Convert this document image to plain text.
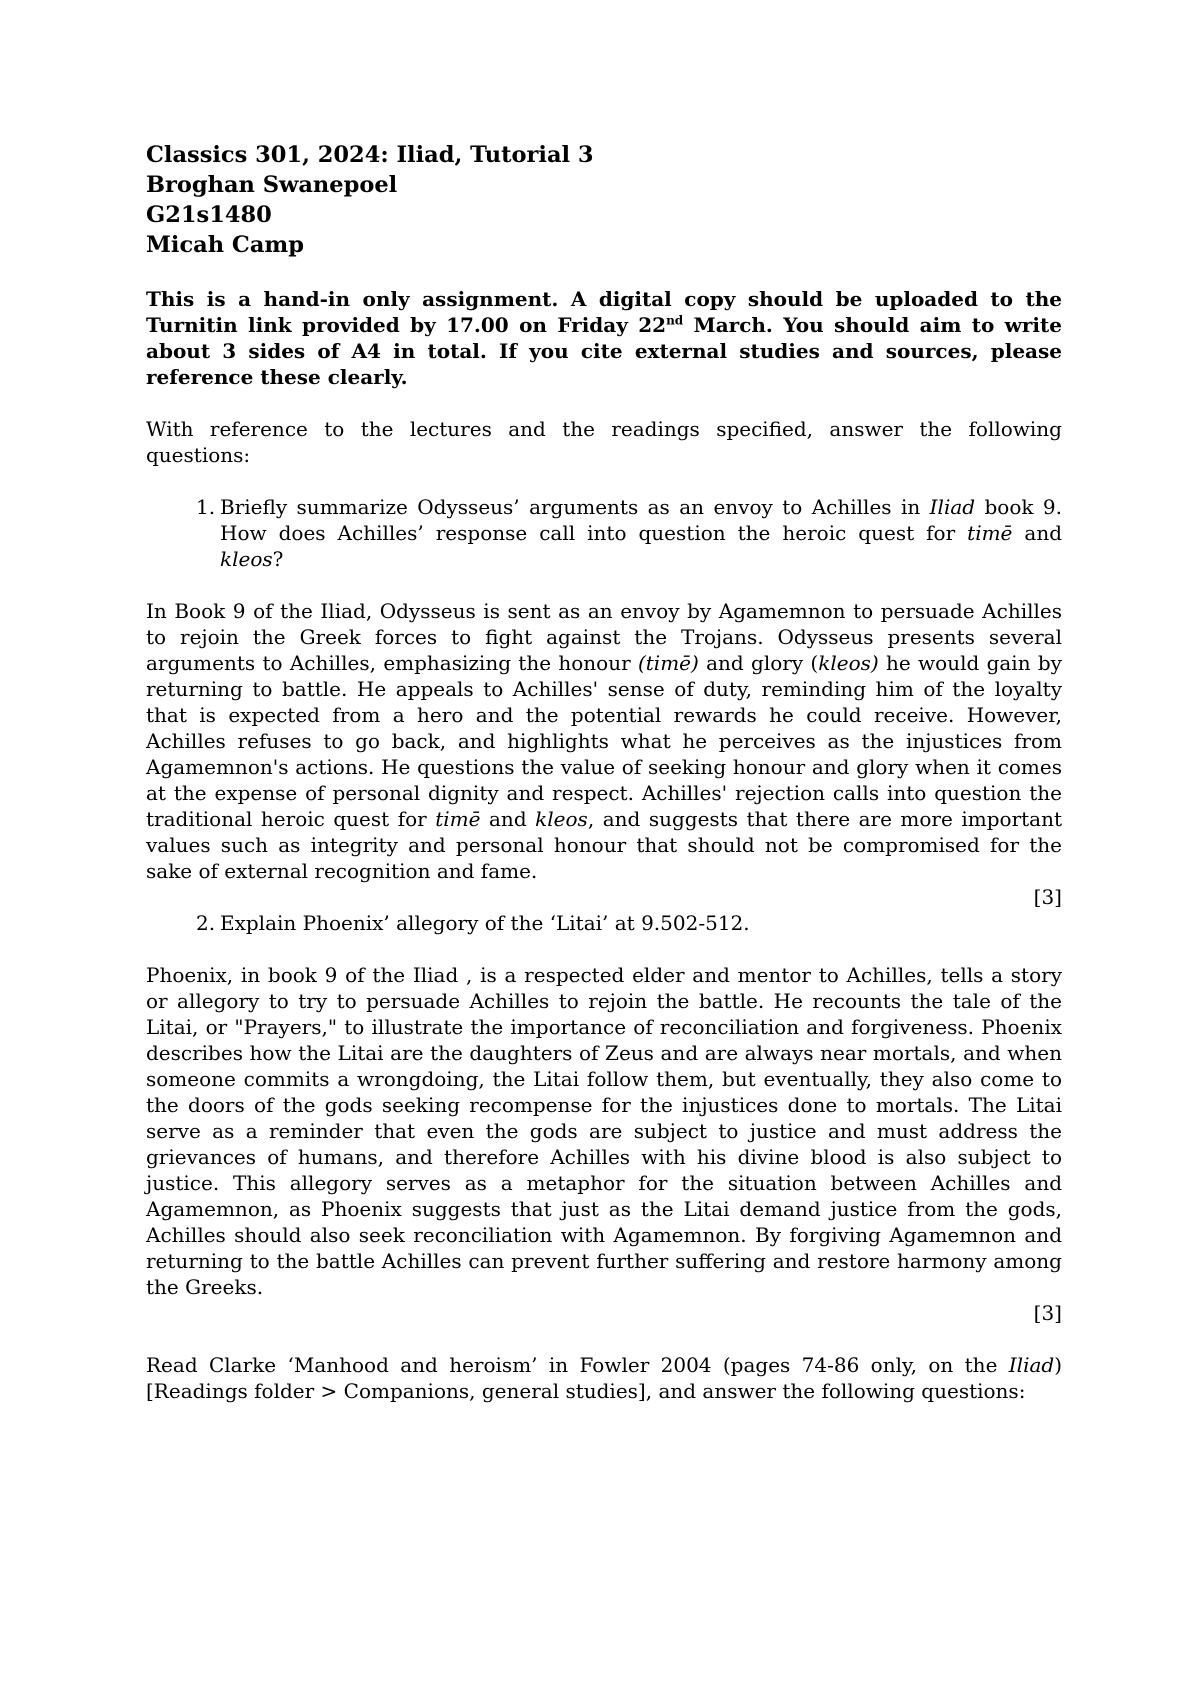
Classics 301, 2024: Iliad, Tutorial 3

Broghan Swanepoel

G21s1480

Micah Camp

This is a hand-in only assignment. A digital copy should be uploaded to the Turnitin link provided by 17.00 on Friday 22nd March. You should aim to write about 3 sides of A4 in total. If you cite external studies and sources, please reference these clearly.

With reference to the lectures and the readings specified, answer the following questions:

1. Briefly summarize Odysseus’ arguments as an envoy to Achilles in Iliad book 9. How does Achilles’ response call into question the heroic quest for timē and kleos?

In Book 9 of the Iliad, Odysseus is sent as an envoy by Agamemnon to persuade Achilles to rejoin the Greek forces to fight against the Trojans. Odysseus presents several arguments to Achilles, emphasizing the honour (timē) and glory (kleos) he would gain by returning to battle. He appeals to Achilles' sense of duty, reminding him of the loyalty that is expected from a hero and the potential rewards he could receive. However, Achilles refuses to go back, and highlights what he perceives as the injustices from Agamemnon's actions. He questions the value of seeking honour and glory when it comes at the expense of personal dignity and respect. Achilles' rejection calls into question the traditional heroic quest for timē and kleos, and suggests that there are more important values such as integrity and personal honour that should not be compromised for the sake of external recognition and fame.

[3]

2. Explain Phoenix’ allegory of the ‘Litai’ at 9.502-512.

Phoenix, in book 9 of the Iliad , is a respected elder and mentor to Achilles, tells a story or allegory to try to persuade Achilles to rejoin the battle. He recounts the tale of the Litai, or "Prayers," to illustrate the importance of reconciliation and forgiveness. Phoenix describes how the Litai are the daughters of Zeus and are always near mortals, and when someone commits a wrongdoing, the Litai follow them, but eventually, they also come to the doors of the gods seeking recompense for the injustices done to mortals. The Litai serve as a reminder that even the gods are subject to justice and must address the grievances of humans, and therefore Achilles with his divine blood is also subject to justice. This allegory serves as a metaphor for the situation between Achilles and Agamemnon, as Phoenix suggests that just as the Litai demand justice from the gods, Achilles should also seek reconciliation with Agamemnon. By forgiving Agamemnon and returning to the battle Achilles can prevent further suffering and restore harmony among the Greeks.

[3]

Read Clarke ‘Manhood and heroism’ in Fowler 2004 (pages 74-86 only, on the Iliad) [Readings folder > Companions, general studies], and answer the following questions:
